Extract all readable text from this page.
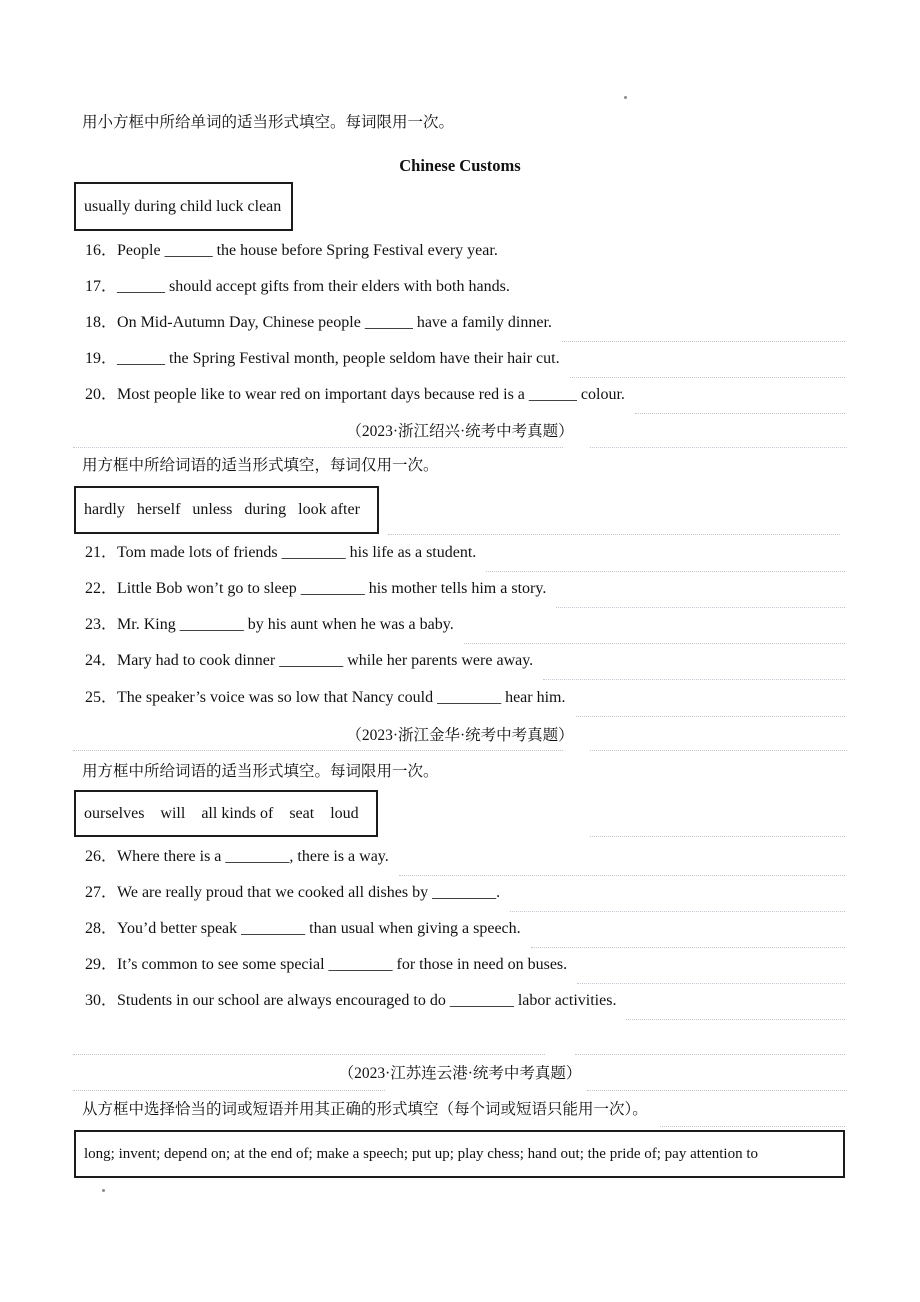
用小方框中所给单词的适当形式填空。每词限用一次。
Chinese Customs
usually during child luck clean
16． People ______ the house before Spring Festival every year.
17． ______ should accept gifts from their elders with both hands.
18． On Mid-Autumn Day, Chinese people ______ have a family dinner.
19． ______ the Spring Festival month, people seldom have their hair cut.
20． Most people like to wear red on important days because red is a ______ colour.
（2023·浙江绍兴·统考中考真题）
用方框中所给词语的适当形式填空，每词仅用一次。
hardly   herself   unless   during   look after
21． Tom made lots of friends ________ his life as a student.
22． Little Bob won’t go to sleep ________ his mother tells him a story.
23． Mr. King ________ by his aunt when he was a baby.
24． Mary had to cook dinner ________ while her parents were away.
25． The speaker’s voice was so low that Nancy could ________ hear him.
（2023·浙江金华·统考中考真题）
用方框中所给词语的适当形式填空。每词限用一次。
ourselves    will    all kinds of    seat    loud
26． Where there is a ________, there is a way.
27． We are really proud that we cooked all dishes by ________.
28． You’d better speak ________ than usual when giving a speech.
29． It’s common to see some special ________ for those in need on buses.
30． Students in our school are always encouraged to do ________ labor activities.
（2023·江苏连云港·统考中考真题）
从方框中选择恰当的词或短语并用其正确的形式填空（每个词或短语只能用一次）。
long; invent; depend on; at the end of; make a speech; put up; play chess; hand out; the pride of; pay attention to
